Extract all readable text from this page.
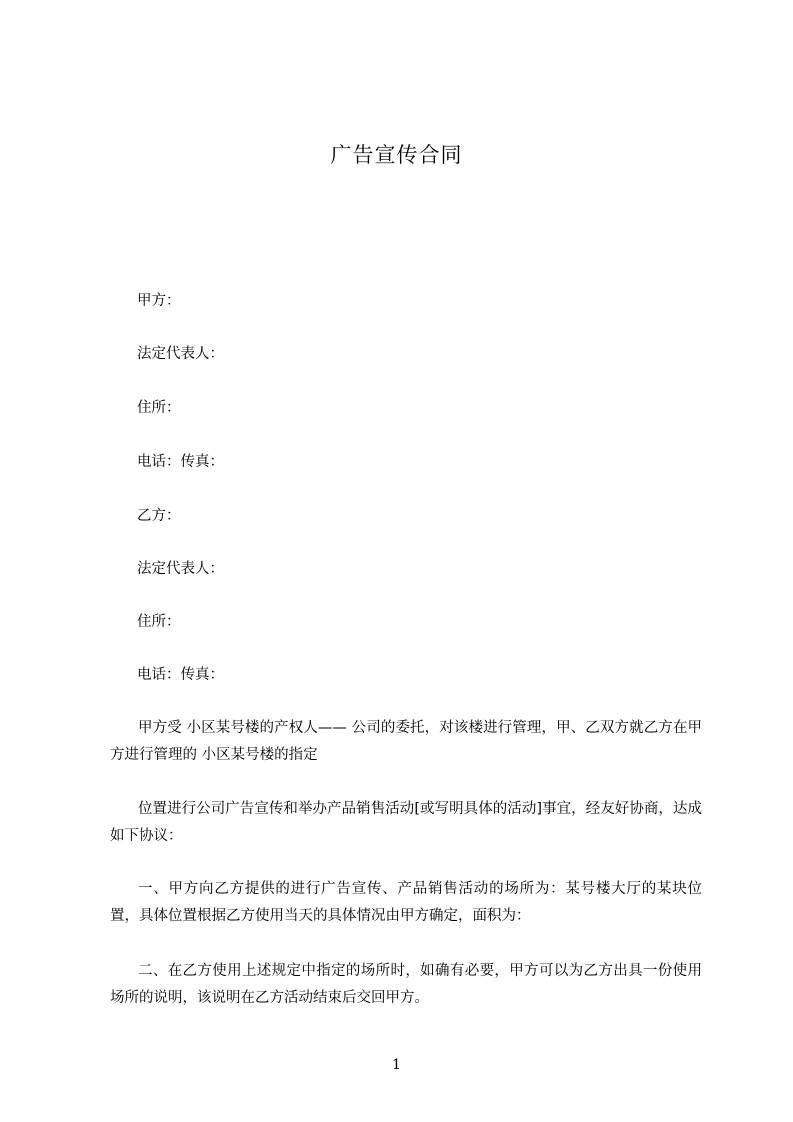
广告宣传合同
甲方：
法定代表人：
住所：
电话：传真：
乙方：
法定代表人：
住所：
电话：传真：
甲方受 小区某号楼的产权人—— 公司的委托，对该楼进行管理，甲、乙双方就乙方在甲方进行管理的 小区某号楼的指定
位置进行公司广告宣传和举办产品销售活动[或写明具体的活动]事宜，经友好协商，达成如下协议：
一、甲方向乙方提供的进行广告宣传、产品销售活动的场所为：某号楼大厅的某块位置，具体位置根据乙方使用当天的具体情况由甲方确定，面积为：
二、在乙方使用上述规定中指定的场所时，如确有必要，甲方可以为乙方出具一份使用场所的说明，该说明在乙方活动结束后交回甲方。
1
